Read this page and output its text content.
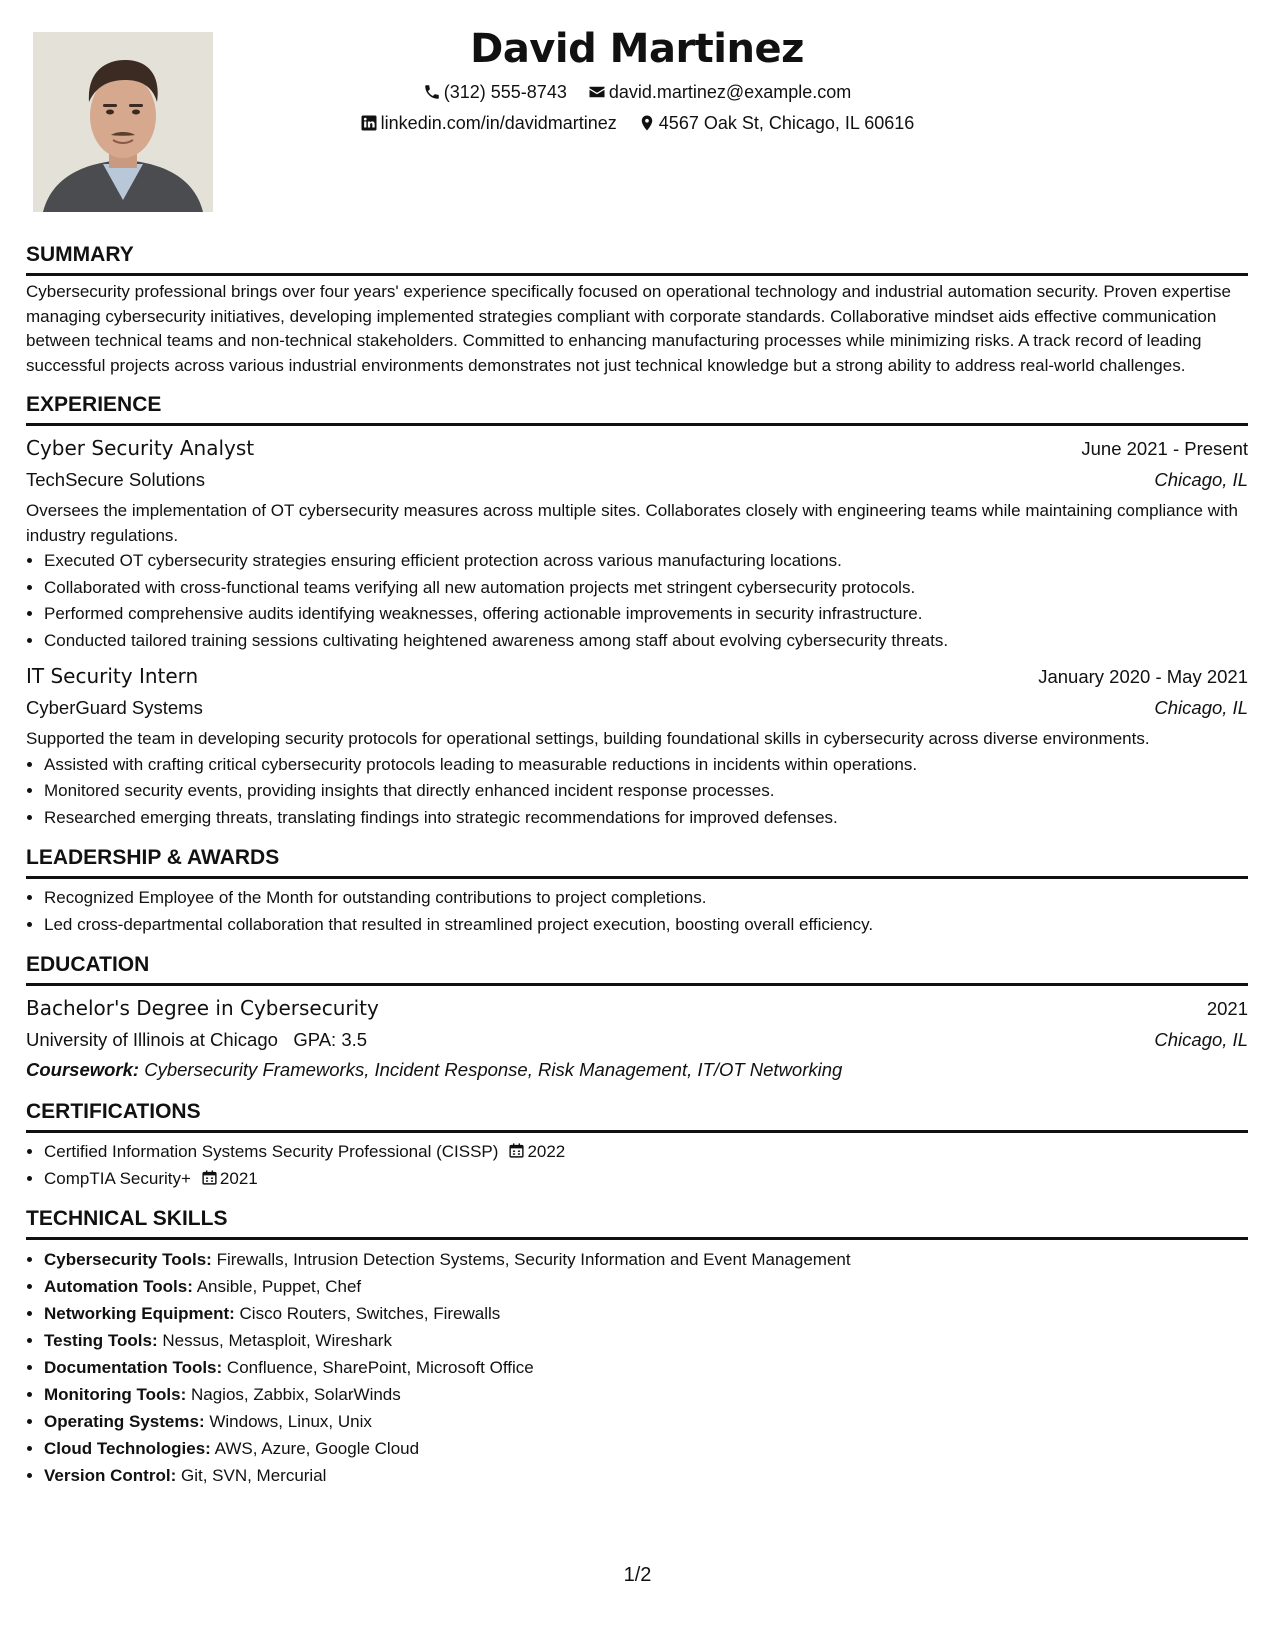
David Martinez
(312) 555-8743
david.martinez@example.com
linkedin.com/in/davidmartinez
4567 Oak St, Chicago, IL 60616
SUMMARY
Cybersecurity professional brings over four years' experience specifically focused on operational technology and industrial automation security. Proven expertise managing cybersecurity initiatives, developing implemented strategies compliant with corporate standards. Collaborative mindset aids effective communication between technical teams and non-technical stakeholders. Committed to enhancing manufacturing processes while minimizing risks. A track record of leading successful projects across various industrial environments demonstrates not just technical knowledge but a strong ability to address real-world challenges.
EXPERIENCE
Cyber Security Analyst	June 2021 - Present
TechSecure Solutions	Chicago, IL
Oversees the implementation of OT cybersecurity measures across multiple sites. Collaborates closely with engineering teams while maintaining compliance with industry regulations.
• Executed OT cybersecurity strategies ensuring efficient protection across various manufacturing locations.
• Collaborated with cross-functional teams verifying all new automation projects met stringent cybersecurity protocols.
• Performed comprehensive audits identifying weaknesses, offering actionable improvements in security infrastructure.
• Conducted tailored training sessions cultivating heightened awareness among staff about evolving cybersecurity threats.
IT Security Intern	January 2020 - May 2021
CyberGuard Systems	Chicago, IL
Supported the team in developing security protocols for operational settings, building foundational skills in cybersecurity across diverse environments.
• Assisted with crafting critical cybersecurity protocols leading to measurable reductions in incidents within operations.
• Monitored security events, providing insights that directly enhanced incident response processes.
• Researched emerging threats, translating findings into strategic recommendations for improved defenses.
LEADERSHIP & AWARDS
• Recognized Employee of the Month for outstanding contributions to project completions.
• Led cross-departmental collaboration that resulted in streamlined project execution, boosting overall efficiency.
EDUCATION
Bachelor's Degree in Cybersecurity	2021
University of Illinois at Chicago GPA: 3.5	Chicago, IL
Coursework: Cybersecurity Frameworks, Incident Response, Risk Management, IT/OT Networking
CERTIFICATIONS
• Certified Information Systems Security Professional (CISSP) 2022
• CompTIA Security+ 2021
TECHNICAL SKILLS
• Cybersecurity Tools: Firewalls, Intrusion Detection Systems, Security Information and Event Management
• Automation Tools: Ansible, Puppet, Chef
• Networking Equipment: Cisco Routers, Switches, Firewalls
• Testing Tools: Nessus, Metasploit, Wireshark
• Documentation Tools: Confluence, SharePoint, Microsoft Office
• Monitoring Tools: Nagios, Zabbix, SolarWinds
• Operating Systems: Windows, Linux, Unix
• Cloud Technologies: AWS, Azure, Google Cloud
• Version Control: Git, SVN, Mercurial
1/2
